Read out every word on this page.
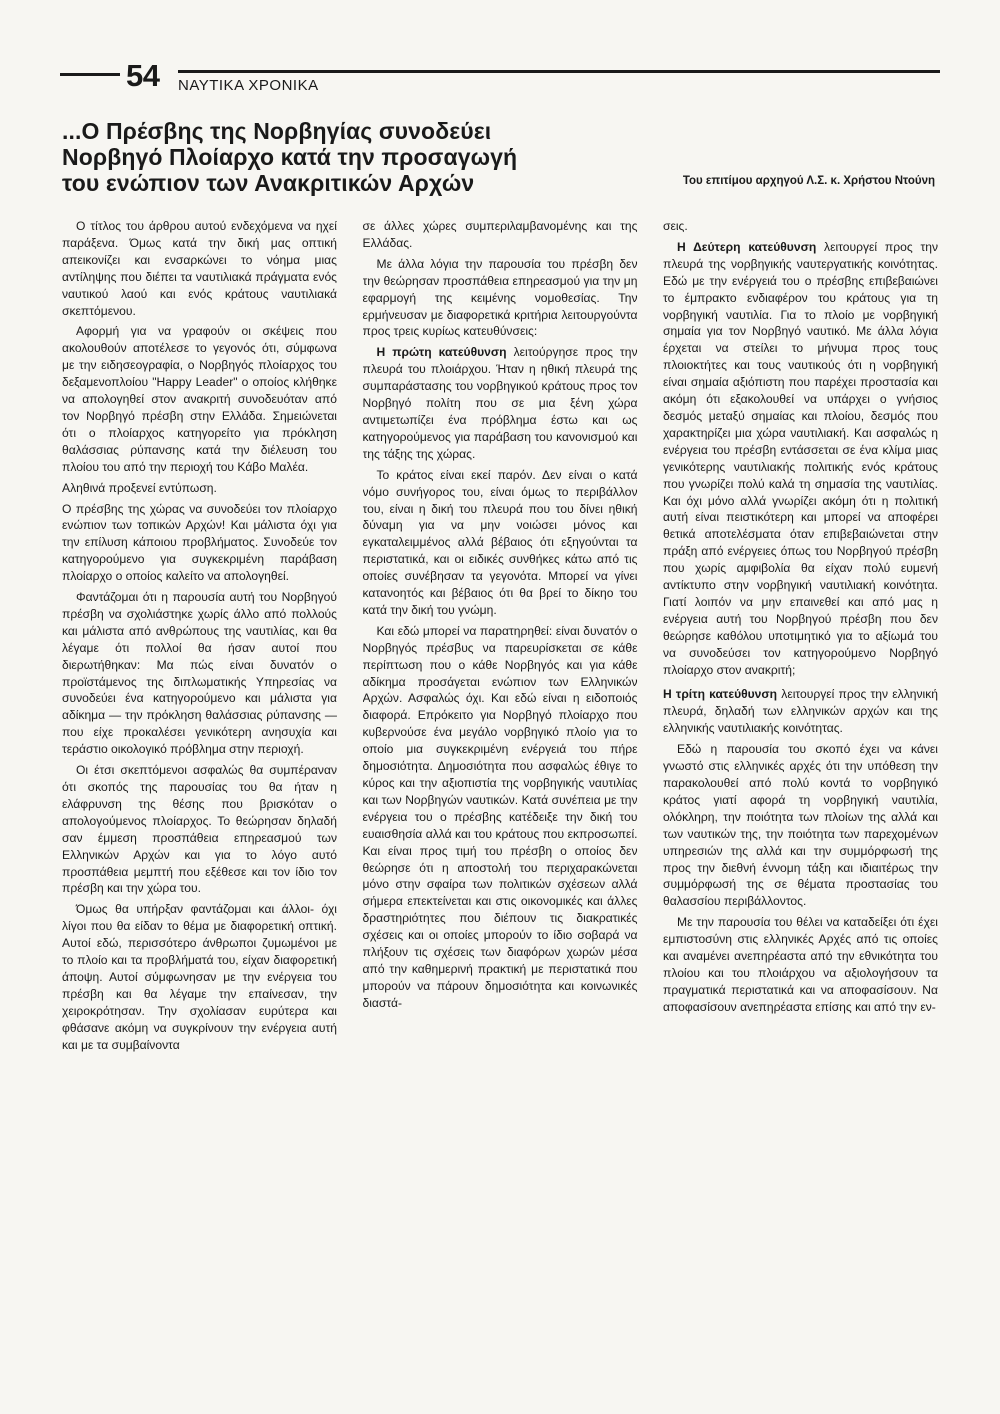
54 ΝΑΥΤΙΚΑ ΧΡΟΝΙΚΑ
...Ο Πρέσβης της Νορβηγίας συνοδεύει
Νορβηγό Πλοίαρχο κατά την προσαγωγή
του ενώπιον των Ανακριτικών Αρχών	Του επιτίμου αρχηγού Λ.Σ. κ. Χρήστου Ντούνη

Ο τίτλος του άρθρου αυτού ενδεχόμενα να ηχεί παράξενα. Όμως κατά την δική μας οπτική απεικονίζει και ενσαρκώνει το νόημα μιας αντίληψης που διέπει τα ναυτιλιακά πράγματα ενός ναυτικού λαού και ενός κράτους ναυτιλιακά σκεπτόμενου.

Αφορμή για να γραφούν οι σκέψεις που ακολουθούν αποτέλεσε το γεγονός ότι, σύμφωνα με την ειδησεογραφία, ο Νορβηγός πλοίαρχος του δεξαμενοπλοίου "Happy Leader" ο οποίος κλήθηκε να απολογηθεί στον ανακριτή συνοδευόταν από τον Νορβηγό πρέσβη στην Ελλάδα. Σημειώνεται ότι ο πλοίαρχος κατηγορείτο για πρόκληση θαλάσσιας ρύπανσης κατά την διέλευση του πλοίου του από την περιοχή του Κάβο Μαλέα.

Αληθινά προξενεί εντύπωση.

Ο πρέσβης της χώρας να συνοδεύει τον πλοίαρχο ενώπιον των τοπικών Αρχών! Και μάλιστα όχι για την επίλυση κάποιου προβλήματος. Συνοδεύε τον κατηγορούμενο για συγκεκριμένη παράβαση πλοίαρχο ο οποίος καλείτο να απολογηθεί.

Φαντάζομαι ότι η παρουσία αυτή του Νορβηγού πρέσβη να σχολιάστηκε χωρίς άλλο από πολλούς και μάλιστα από ανθρώπους της ναυτιλίας, και θα λέγαμε ότι πολλοί θα ήσαν αυτοί που διερωτήθηκαν: Μα πώς είναι δυνατόν ο προϊστάμενος της διπλωματικής Υπηρεσίας να συνοδεύει ένα κατηγορούμενο και μάλιστα για αδίκημα — την πρόκληση θαλάσσιας ρύπανσης — που είχε προκαλέσει γενικότερη ανησυχία και τεράστιο οικολογικό πρόβλημα στην περιοχή.

Οι έτσι σκεπτόμενοι ασφαλώς θα συμπέραναν ότι σκοπός της παρουσίας του θα ήταν η ελάφρυνση της θέσης που βρισκόταν ο απολογούμενος πλοίαρχος. Το θεώρησαν δηλαδή σαν έμμεση προσπάθεια επηρεασμού των Ελληνικών Αρχών και για το λόγο αυτό προσπάθεια μεμπτή που εξέθεσε και τον ίδιο τον πρέσβη και την χώρα του.

Όμως θα υπήρξαν φαντάζομαι και άλλοι- όχι λίγοι που θα είδαν το θέμα με διαφορετική οπτική. Αυτοί εδώ, περισσότερο άνθρωποι ζυμωμένοι με το πλοίο και τα προβλήματά του, είχαν διαφορετική άποψη. Αυτοί σύμφωνησαν με την ενέργεια του πρέσβη και θα λέγαμε την επαίνεσαν, την χειροκρότησαν. Την σχολίασαν ευρύτερα και φθάσανε ακόμη να συγκρίνουν την ενέργεια αυτή και με τα συμβαίνοντα

σε άλλες χώρες συμπεριλαμβανομένης και της Ελλάδας.

Με άλλα λόγια την παρουσία του πρέσβη δεν την θεώρησαν προσπάθεια επηρεασμού για την μη εφαρμογή της κειμένης νομοθεσίας. Την ερμήνευσαν με διαφορετικά κριτήρια λειτουργούντα προς τρεις κυρίως κατευθύνσεις:

Η πρώτη κατεύθυνση λειτούργησε προς την πλευρά του πλοιάρχου. Ήταν η ηθική πλευρά της συμπαράστασης του νορβηγικού κράτους προς τον Νορβηγό πολίτη που σε μια ξένη χώρα αντιμετωπίζει ένα πρόβλημα έστω και ως κατηγορούμενος για παράβαση του κανονισμού και της τάξης της χώρας.

Το κράτος είναι εκεί παρόν. Δεν είναι ο κατά νόμο συνήγορος του, είναι όμως το περιβάλλον του, είναι η δική του πλευρά που του δίνει ηθική δύναμη για να μην νοιώσει μόνος και εγκαταλειμμένος αλλά βέβαιος ότι εξηγούνται τα περιστατικά, και οι ειδικές συνθήκες κάτω από τις οποίες συνέβησαν τα γεγονότα. Μπορεί να γίνει κατανοητός και βέβαιος ότι θα βρεί το δίκηο του κατά την δική του γνώμη.

Και εδώ μπορεί να παρατηρηθεί: είναι δυνατόν ο Νορβηγός πρέσβυς να παρευρίσκεται σε κάθε περίπτωση που ο κάθε Νορβηγός και για κάθε αδίκημα προσάγεται ενώπιον των Ελληνικών Αρχών. Ασφαλώς όχι. Και εδώ είναι η ειδοποιός διαφορά. Επρόκειτο για Νορβηγό πλοίαρχο που κυβερνούσε ένα μεγάλο νορβηγικό πλοίο για το οποίο μια συγκεκριμένη ενέργειά του πήρε δημοσιότητα. Δημοσιότητα που ασφαλώς έθιγε το κύρος και την αξιοπιστία της νορβηγικής ναυτιλίας και των Νορβηγών ναυτικών. Κατά συνέπεια με την ενέργεια του ο πρέσβης κατέδειξε την δική του ευαισθησία αλλά και του κράτους που εκπροσωπεί. Και είναι προς τιμή του πρέσβη ο οποίος δεν θεώρησε ότι η αποστολή του περιχαρακώνεται μόνο στην σφαίρα των πολιτικών σχέσεων αλλά σήμερα επεκτείνεται και στις οικονομικές και άλλες δραστηριότητες που διέπουν τις διακρατικές σχέσεις και οι οποίες μπορούν το ίδιο σοβαρά να πλήξουν τις σχέσεις των διαφόρων χωρών μέσα από την καθημερινή πρακτική με περιστατικά που μπορούν να πάρουν δημοσιότητα και κοινωνικές διαστά-

σεις.

Η Δεύτερη κατεύθυνση λειτουργεί προς την πλευρά της νορβηγικής ναυτεργατικής κοινότητας. Εδώ με την ενέργειά του ο πρέσβης επιβεβαιώνει το έμπρακτο ενδιαφέρον του κράτους για τη νορβηγική ναυτιλία. Για το πλοίο με νορβηγική σημαία για τον Νορβηγό ναυτικό. Με άλλα λόγια έρχεται να στείλει το μήνυμα προς τους πλοιοκτήτες και τους ναυτικούς ότι η νορβηγική είναι σημαία αξιόπιστη που παρέχει προστασία και ακόμη ότι εξακολουθεί να υπάρχει ο γνήσιος δεσμός μεταξύ σημαίας και πλοίου, δεσμός που χαρακτηρίζει μια χώρα ναυτιλιακή. Και ασφαλώς η ενέργεια του πρέσβη εντάσσεται σε ένα κλίμα μιας γενικότερης ναυτιλιακής πολιτικής ενός κράτους που γνωρίζει πολύ καλά τη σημασία της ναυτιλίας. Και όχι μόνο αλλά γνωρίζει ακόμη ότι η πολιτική αυτή είναι πειστικότερη και μπορεί να αποφέρει θετικά αποτελέσματα όταν επιβεβαιώνεται στην πράξη από ενέργειες όπως του Νορβηγού πρέσβη που χωρίς αμφιβολία θα είχαν πολύ ευμενή αντίκτυπο στην νορβηγική ναυτιλιακή κοινότητα. Γιατί λοιπόν να μην επαινεθεί και από μας η ενέργεια αυτή του Νορβηγού πρέσβη που δεν θεώρησε καθόλου υποτιμητικό για το αξίωμά του να συνοδεύσει τον κατηγορούμενο Νορβηγό πλοίαρχο στον ανακριτή;

Η τρίτη κατεύθυνση λειτουργεί προς την ελληνική πλευρά, δηλαδή των ελληνικών αρχών και της ελληνικής ναυτιλιακής κοινότητας.

Εδώ η παρουσία του σκοπό έχει να κάνει γνωστό στις ελληνικές αρχές ότι την υπόθεση την παρακολουθεί από πολύ κοντά το νορβηγικό κράτος γιατί αφορά τη νορβηγική ναυτιλία, ολόκληρη, την ποιότητα των πλοίων της αλλά και των ναυτικών της, την ποιότητα των παρεχομένων υπηρεσιών της αλλά και την συμμόρφωσή της προς την διεθνή έννομη τάξη και ιδιαιτέρως την συμμόρφωσή της σε θέματα προστασίας του θαλασσίου περιβάλλοντος.

Με την παρουσία του θέλει να καταδείξει ότι έχει εμπιστοσύνη στις ελληνικές Αρχές από τις οποίες και αναμένει ανεπηρέαστα από την εθνικότητα του πλοίου και του πλοιάρχου να αξιολογήσουν τα πραγματικά περιστατικά και να αποφασίσουν. Να αποφασίσουν ανεπηρέαστα επίσης και από την εν-
